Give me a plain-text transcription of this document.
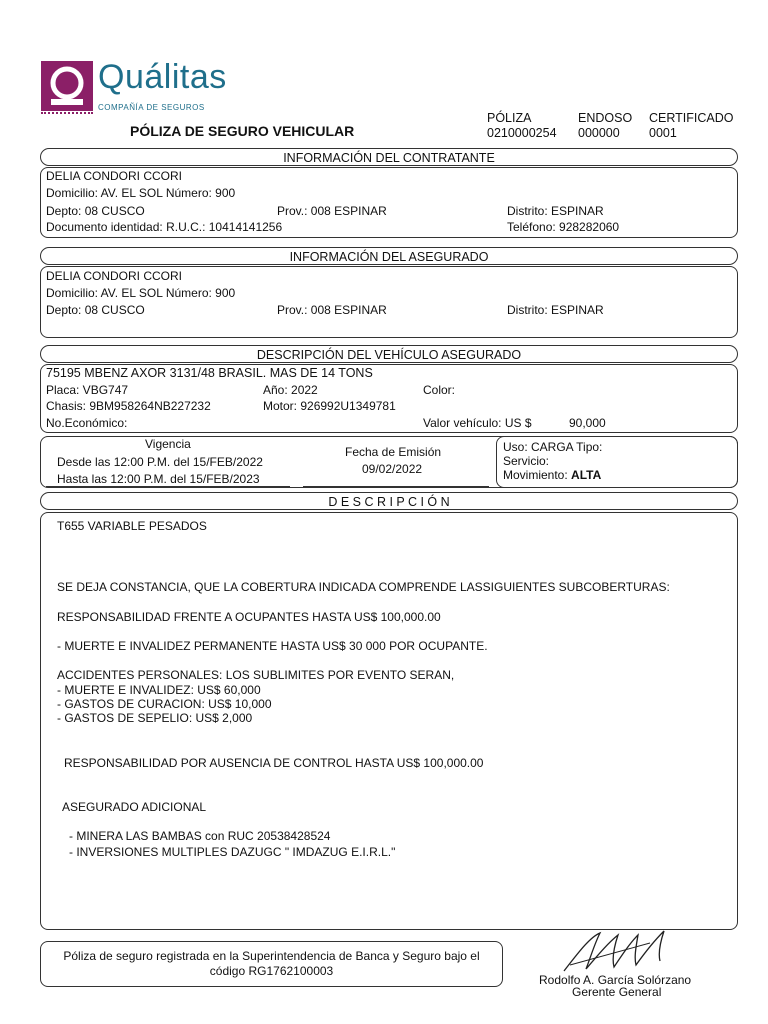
Quálitas
COMPAÑÍA DE SEGUROS
PÓLIZA DE SEGURO VEHICULAR
PÓLIZA
0210000254
ENDOSO
000000
CERTIFICADO
0001
INFORMACIÓN DEL CONTRATANTE
DELIA CONDORI CCORI
Domicilio: AV. EL SOL Número: 900
Depto: 08 CUSCO	Prov.: 008 ESPINAR	Distrito: ESPINAR
Documento identidad: R.U.C.: 10414141256	Teléfono: 928282060
INFORMACIÓN DEL ASEGURADO
DELIA CONDORI CCORI
Domicilio: AV. EL SOL Número: 900
Depto: 08 CUSCO	Prov.: 008 ESPINAR	Distrito: ESPINAR
DESCRIPCIÓN DEL VEHÍCULO ASEGURADO
75195 MBENZ AXOR 3131/48 BRASIL. MAS DE 14 TONS
Placa: VBG747	Año: 2022	Color:
Chasis: 9BM958264NB227232	Motor: 926992U1349781
No.Económico:	Valor vehículo: US $	90,000
Vigencia
Desde las 12:00 P.M. del 15/FEB/2022
Hasta las 12:00 P.M. del 15/FEB/2023
Fecha de Emisión
09/02/2022
Uso: CARGA Tipo:
Servicio:
Movimiento: ALTA
D E S C R I P C I Ó N
T655 VARIABLE PESADOS
SE DEJA CONSTANCIA, QUE LA COBERTURA INDICADA COMPRENDE LASSIGUIENTES SUBCOBERTURAS:
RESPONSABILIDAD FRENTE A OCUPANTES HASTA US$ 100,000.00
- MUERTE E INVALIDEZ PERMANENTE HASTA US$ 30 000 POR OCUPANTE.
ACCIDENTES PERSONALES: LOS SUBLIMITES POR EVENTO SERAN,
- MUERTE E INVALIDEZ: US$ 60,000
- GASTOS DE CURACION: US$ 10,000
- GASTOS DE SEPELIO: US$ 2,000
RESPONSABILIDAD POR AUSENCIA DE CONTROL HASTA US$ 100,000.00
ASEGURADO ADICIONAL
- MINERA LAS BAMBAS con RUC 20538428524
- INVERSIONES MULTIPLES DAZUGC " IMDAZUG E.I.R.L."
Póliza de seguro registrada en la Superintendencia de Banca y Seguro bajo el código RG1762100003
Rodolfo A. García Solórzano
Gerente General
